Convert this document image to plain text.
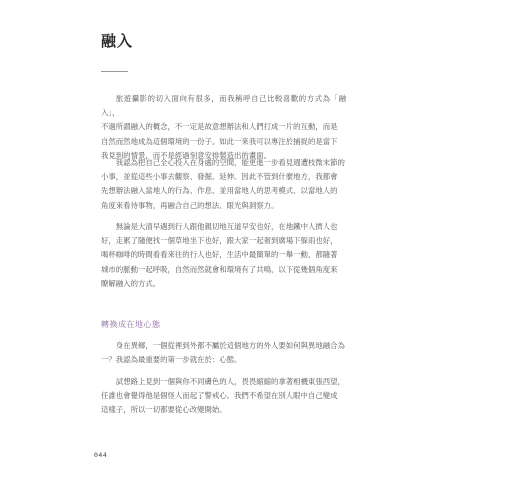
融入

旅遊攝影的切入面向有很多，而我稱呼自己比較喜歡的方式為「融入」，
不過所謂融入的概念，不一定是故意想辦法和人們打成一片的互動，而是
自然而然地成為這個環境的一份子。如此一來我可以專注於捕捉的是當下
我見到的情景，而不是經過刻意安排製造出的畫面。

我認為把自己全心投入在身處的空間，能更進一步看見週遭枝微末節的
小事，並從這些小事去觀察、發掘、延伸。因此不管到什麼地方，我都會
先想辦法融入當地人的行為、作息、並用當地人的思考模式、以當地人的
角度來看待事物，再融合自己的想法、眼光與洞察力。

無論是大清早遇到行人跟他親切地互道早安也好，在地鐵中人擠人也
好，走累了隨便找一個草地坐下也好，跟大家一起奢到廣場下躲雨也好，
喝杯咖啡的時間看看來往的行人也好，生活中最簡單的一舉一動，都隨著
城市的脈動一起呼吸，自然而然就會和環境有了共鳴，以下從幾個角度來
瞭解融入的方式。

轉換成在地心態

身在異鄉，一個從裡到外都不屬於這個地方的外人要如何與異地融合為
一？我認為最重要的第一步就在於：心態。

試想路上見到一個與你不同膚色的人，畏畏縮縮的拿著相機東張西望，
任誰也會覺得他是個怪人而起了警戒心。我們不希望在別人眼中自己變成
這樣子，所以一切都要從心改變開始。

044
